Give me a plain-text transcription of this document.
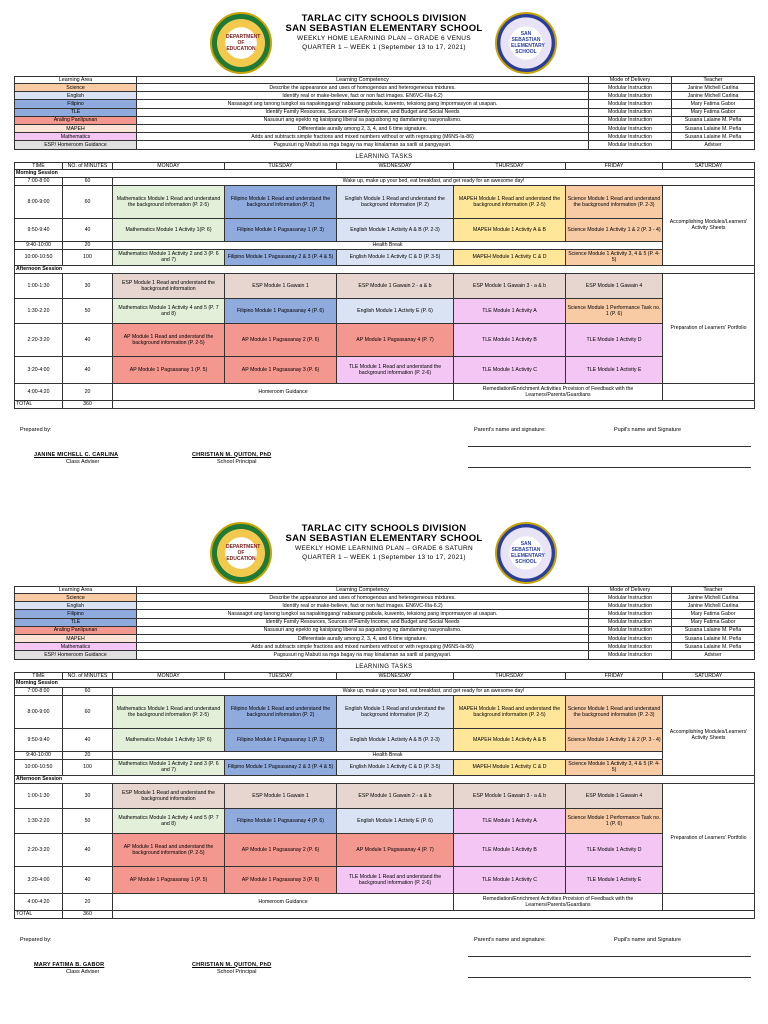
DEPARTMENT OF EDUCATION
SAN SEBASTIAN ELEMENTARY SCHOOL
TARLAC CITY SCHOOLS DIVISION
SAN SEBASTIAN ELEMENTARY SCHOOL
WEEKLY HOME LEARNING PLAN – GRADE 6 VENUS
QUARTER 1 – WEEK 1 (September 13 to 17, 2021)
Learning Area	Learning Competency	Mode of Delivery	Teacher
Science	Describe the appearance and uses of homogenous and heterogeneous mixtures.	Modular Instruction	Janine Michell Carlina
English	Identify real or make-believe, fact or non fact images. EN6VC-IIIa-6.2)	Modular Instruction	Janine Michell Carlina
Filipino	Nasasagot ang tanong tungkol sa napakinggang/ nabasang pabula, kuwento, teksiong pang impormasyon at usapan.	Modular Instruction	Mary Fatima Gabor
TLE	Identify Family Resources, Sources of Family Income, and Budget and Social Needs	Modular Instruction	Mary Fatima Gabor
Araling Panlipunan	Nasusuri ang epekto ng kaisipang liberal sa pagusbong ng damdaming nasyonalismo.	Modular Instruction	Susana Lalaine M. Peña
MAPEH	Differentiate aurally among 2, 3, 4, and 6 time signature.	Modular Instruction	Susana Lalaine M. Peña
Mathematics	Adds and subtracts simple fractions and mixed numbers without or with regrouping (M6NS-Ia-86)	Modular Instruction	Susana Lalaine M. Peña
ESP/ Homeroom Guidance	Pagsusuri ng Mabuti sa mga bagay na may kinalaman sa sarili at pangyayari.	Modular Instruction	Adviser
LEARNING TASKS
TIME	NO. of MINUTES	MONDAY	TUESDAY	WEDNESDAY	THURSDAY	FRIDAY	SATURDAY
Morning Session							
7:00-8:00	60	Wake up, make up your bed, eat breakfast, and get ready for an awesome day!					
8:00-9:00	60	Mathematics Module 1 Read and understand the background information (P. 2-5)	Filipino Module 1 Read and understand the background information (P. 2)	English Module 1 Read and understand the background information (P. 2)	MAPEH Module 1 Read and understand the background information (P. 2-5)	Science Module 1 Read and understand the background information (P. 2-3)	Accomplishing Modules/Learners' Activity Sheets
9:50-9:40	40	Mathematics Module 1 Activity 1(P. 6)	Filipino Module 1 Pagsasanay 1 (P. 3)	English Module 1 Activity A & B (P. 2-3)	MAPEH Module 1 Activity A & B	Science Module 1 Activity 1 & 2 (P. 3 - 4)	
9:40-10:00	20	Health Break					
10:00-10:50	100	Mathematics Module 1 Activity 2 and 3 (P. 6 and 7)	Filipino Module 1 Pagsasanay 2 & 3 (P. 4 & 5)	English Module 1 Activity C & D (P. 3-5)	MAPEH Module 1 Activity C & D	Science Module 1 Activity 3, 4 & 5 (P. 4-5)	
Afternoon Session							
1:00-1:30	30	ESP Module 1 Read and understand the background information	ESP Module 1 Gawain 1	ESP Module 1 Gawain 2 - a & b	ESP Module 1 Gawain 3 - a & b	ESP Module 1 Gawain 4	Preparation of Learners' Portfolio
1:30-2:20	50	Mathematics Module 1 Activity 4 and 5 (P. 7 and 8)	Filipino Module 1 Pagsasanay 4 (P. 6)	English Module 1 Activity E (P. 6)	TLE Module 1 Activity A	Science Module 1 Performance Task no. 1 (P. 6)	
2:20-3:20	40	AP Module 1 Read and understand the background information (P. 2-5)	AP Module 1 Pagsasanay 2 (P. 6)	AP Module 1 Pagsasanay 4 (P. 7)	TLE Module 1 Activity B	TLE Module 1 Activity D	
3:20-4:00	40	AP Module 1 Pagsasanay 1 (P. 5)	AP Module 1 Pagsasanay 3 (P. 6)	TLE Module 1 Read and understand the background information (P. 2-6)	TLE Module 1 Activity C	TLE Module 1 Activity E	
4:00-4:20	20	Homeroom Guidance			Remediation/Enrichment Activities Provision of Feedback with the Learners/Parents/Guardians		
TOTAL	360						
Prepared by:
JANINE MICHELL C. CARLINA
Class Adviser
CHRISTIAN M. QUITON, PhD
School Principal
Parent's name and signature:	Pupil's name and Signature
DEPARTMENT OF EDUCATION
SAN SEBASTIAN ELEMENTARY SCHOOL
TARLAC CITY SCHOOLS DIVISION
SAN SEBASTIAN ELEMENTARY SCHOOL
WEEKLY HOME LEARNING PLAN – GRADE 6 SATURN
QUARTER 1 – WEEK 1 (September 13 to 17, 2021)
Learning Area	Learning Competency	Mode of Delivery	Teacher
Science	Describe the appearance and uses of homogenous and heterogeneous mixtures.	Modular Instruction	Janine Michell Carlina
English	Identify real or make-believe, fact or non fact images. EN6VC-IIIa-6.2)	Modular Instruction	Janine Michell Carlina
Filipino	Nasasagot ang tanong tungkol sa napakinggang/ nabasang pabula, kuwento, teksiong pang impormasyon at usapan.	Modular Instruction	Mary Fatima Gabor
TLE	Identify Family Resources, Sources of Family Income, and Budget and Social Needs	Modular Instruction	Mary Fatima Gabor
Araling Panlipunan	Nasusuri ang epekto ng kaisipang liberal sa pagusbong ng damdaming nasyonalismo.	Modular Instruction	Susana Lalaine M. Peña
MAPEH	Differentiate aurally among 2, 3, 4, and 6 time signature.	Modular Instruction	Susana Lalaine M. Peña
Mathematics	Adds and subtracts simple fractions and mixed numbers without or with regrouping (M6NS-Ia-86)	Modular Instruction	Susana Lalaine M. Peña
ESP/ Homeroom Guidance	Pagsusuri ng Mabuti sa mga bagay na may kinalaman sa sarili at pangyayari.	Modular Instruction	Adviser
LEARNING TASKS
TIME	NO. of MINUTES	MONDAY	TUESDAY	WEDNESDAY	THURSDAY	FRIDAY	SATURDAY
Morning Session							
7:00-8:00	60	Wake up, make up your bed, eat breakfast, and get ready for an awesome day!					
8:00-9:00	60	Mathematics Module 1 Read and understand the background information (P. 2-5)	Filipino Module 1 Read and understand the background information (P. 2)	English Module 1 Read and understand the background information (P. 2)	MAPEH Module 1 Read and understand the background information (P. 2-5)	Science Module 1 Read and understand the background information (P. 2-3)	Accomplishing Modules/Learners' Activity Sheets
9:50-9:40	40	Mathematics Module 1 Activity 1(P. 6)	Filipino Module 1 Pagsasanay 1 (P. 3)	English Module 1 Activity A & B (P. 2-3)	MAPEH Module 1 Activity A & B	Science Module 1 Activity 1 & 2 (P. 3 - 4)	
9:40-10:00	20	Health Break					
10:00-10:50	100	Mathematics Module 1 Activity 2 and 3 (P. 6 and 7)	Filipino Module 1 Pagsasanay 2 & 3 (P. 4 & 5)	English Module 1 Activity C & D (P. 3-5)	MAPEH Module 1 Activity C & D	Science Module 1 Activity 3, 4 & 5 (P. 4-5)	
Afternoon Session							
1:00-1:30	30	ESP Module 1 Read and understand the background information	ESP Module 1 Gawain 1	ESP Module 1 Gawain 2 - a & b	ESP Module 1 Gawain 3 - a & b	ESP Module 1 Gawain 4	Preparation of Learners' Portfolio
1:30-2:20	50	Mathematics Module 1 Activity 4 and 5 (P. 7 and 8)	Filipino Module 1 Pagsasanay 4 (P. 6)	English Module 1 Activity E (P. 6)	TLE Module 1 Activity A	Science Module 1 Performance Task no. 1 (P. 6)	
2:20-3:20	40	AP Module 1 Read and understand the background information (P. 2-5)	AP Module 1 Pagsasanay 2 (P. 6)	AP Module 1 Pagsasanay 4 (P. 7)	TLE Module 1 Activity B	TLE Module 1 Activity D	
3:20-4:00	40	AP Module 1 Pagsasanay 1 (P. 5)	AP Module 1 Pagsasanay 3 (P. 6)	TLE Module 1 Read and understand the background information (P. 2-6)	TLE Module 1 Activity C	TLE Module 1 Activity E	
4:00-4:20	20	Homeroom Guidance			Remediation/Enrichment Activities Provision of Feedback with the Learners/Parents/Guardians		
TOTAL	360						
Prepared by:
MARY FATIMA B. GABOR
Class Adviser
CHRISTIAN M. QUITON, PhD
School Principal
Parent's name and signature:	Pupil's name and Signature
